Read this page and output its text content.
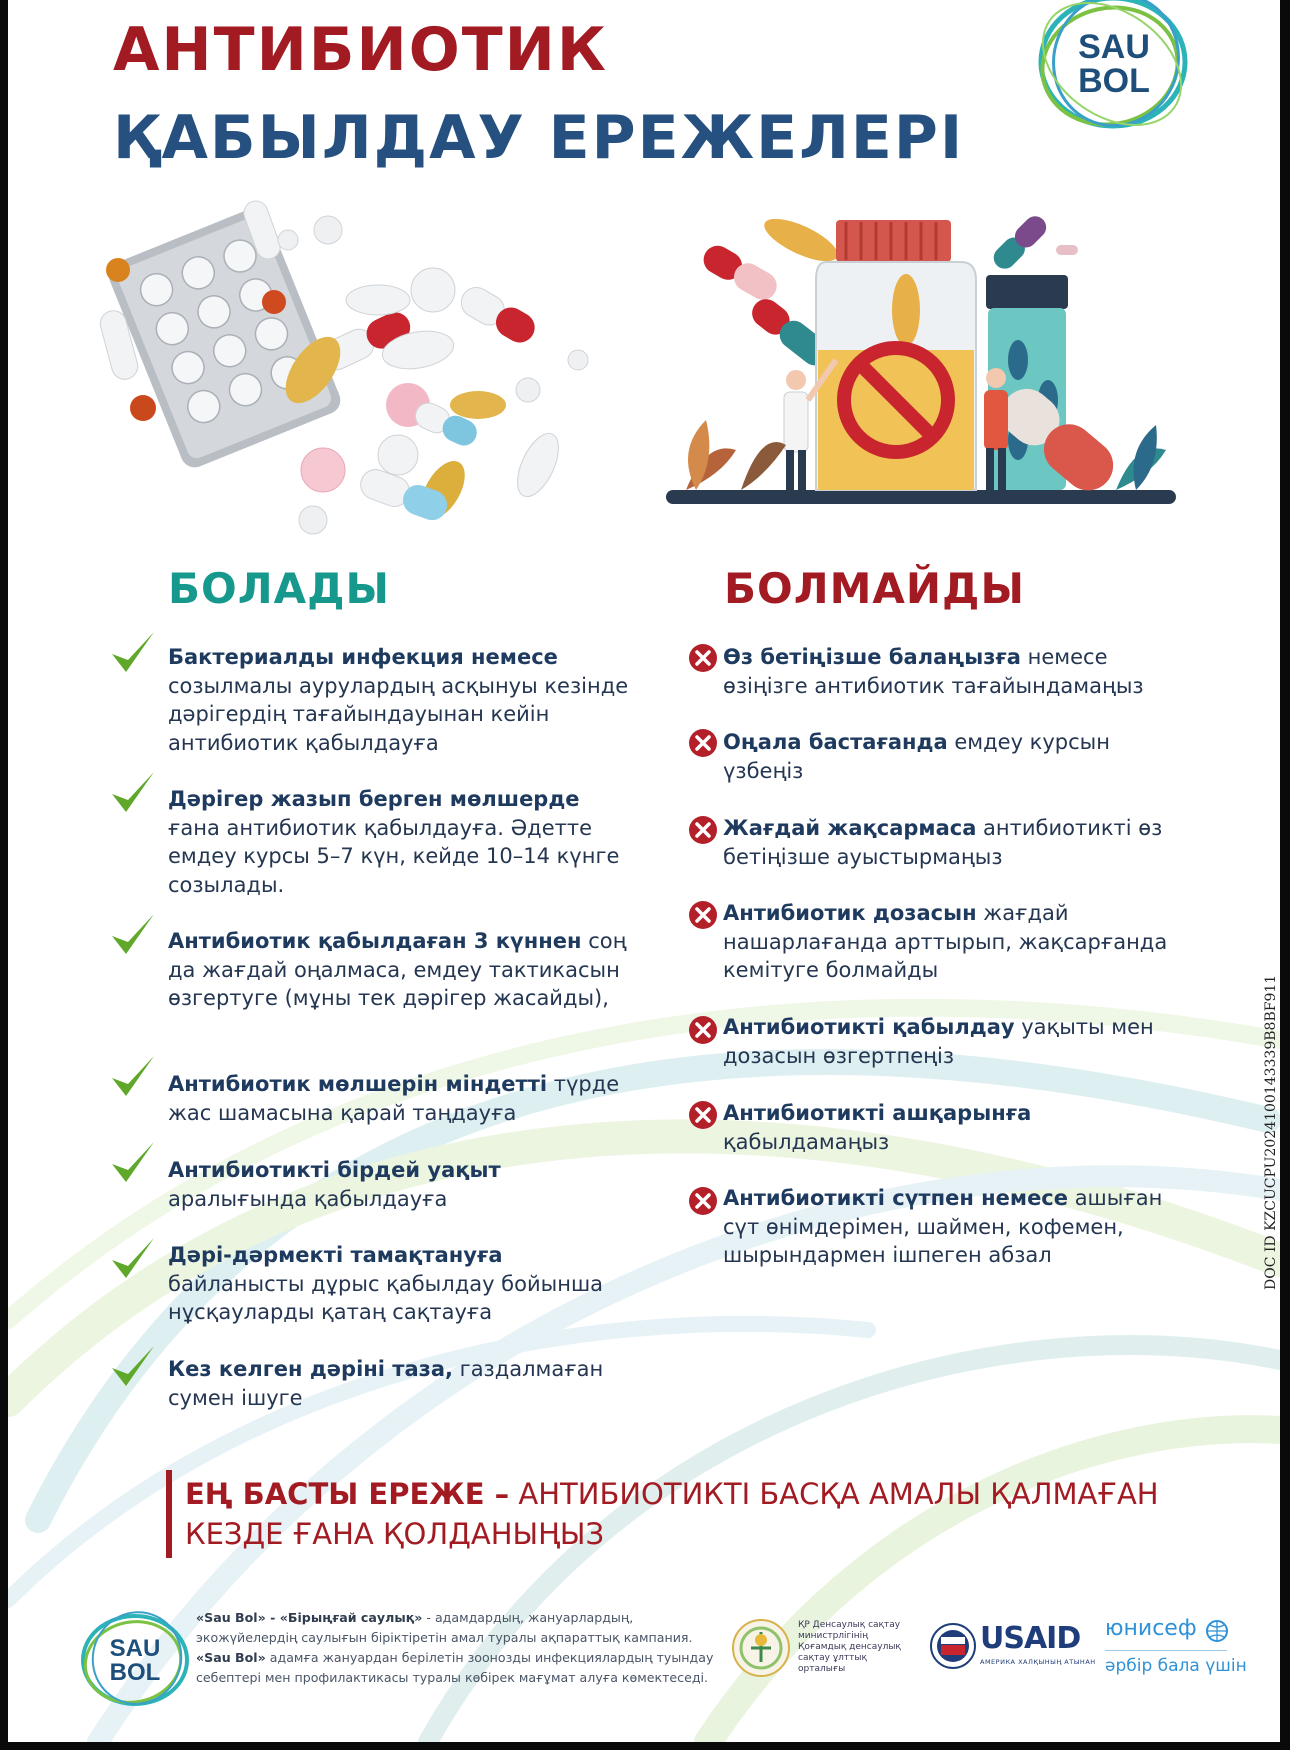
АНТИБИОТИК
ҚАБЫЛДАУ ЕРЕЖЕЛЕРІ
SAU
BOL
БОЛАДЫ	БОЛМАЙДЫ
Бактериалды инфекция немесе созылмалы аурулардың асқынуы кезінде дәрігердің тағайындауынан кейін антибиотик қабылдауға
Дәрігер жазып берген мөлшерде ғана антибиотик қабылдауға. Әдетте емдеу курсы 5–7 күн, кейде 10–14 күнге созылады.
Антибиотик қабылдаған 3 күннен соң да жағдай оңалмаса, емдеу тактикасын өзгертуге (мұны тек дәрігер жасайды),
Антибиотик мөлшерін міндетті түрде жас шамасына қарай таңдауға
Антибиотикті бірдей уақыт аралығында қабылдауға
Дәрі-дәрмекті тамақтануға байланысты дұрыс қабылдау бойынша нұсқауларды қатаң сақтауға
Кез келген дәріні таза, газдалмаған сумен ішуге
Өз бетіңізше балаңызға немесе өзіңізге антибиотик тағайындамаңыз
Оңала бастағанда емдеу курсын үзбеңіз
Жағдай жақсармаса антибиотикті өз бетіңізше ауыстырмаңыз
Антибиотик дозасын жағдай нашарлағанда арттырып, жақсарғанда кемітуге болмайды
Антибиотикті қабылдау уақыты мен дозасын өзгертпеңіз
Антибиотикті ашқарынға қабылдамаңыз
Антибиотикті сүтпен немесе ашыған сүт өнімдерімен, шаймен, кофемен, шырындармен ішпеген абзал
ЕҢ БАСТЫ ЕРЕЖЕ – АНТИБИОТИКТІ БАСҚА АМАЛЫ ҚАЛМАҒАН КЕЗДЕ ҒАНА ҚОЛДАНЫҢЫЗ
SAU
BOL
«Sau Bol» - «Бірыңғай саулық» - адамдардың, жануарлардың, экожүйелердің саулығын біріктіретін амал туралы ақпараттық кампания.
«Sau Bol» адамға жануардан берілетін зоонозды инфекциялардың туындау себептері мен профилактикасы туралы көбірек мағұмат алуға көмектеседі.
ҚР Денсаулық сақтау министрлігінің Қоғамдық денсаулық сақтау ұлттық орталығы
USAID
АМЕРИКА ХАЛҚЫНЫҢ АТЫНАН
юнисеф
әрбір бала үшін
DOC ID KZCUCPU2024100143339B8BF911
